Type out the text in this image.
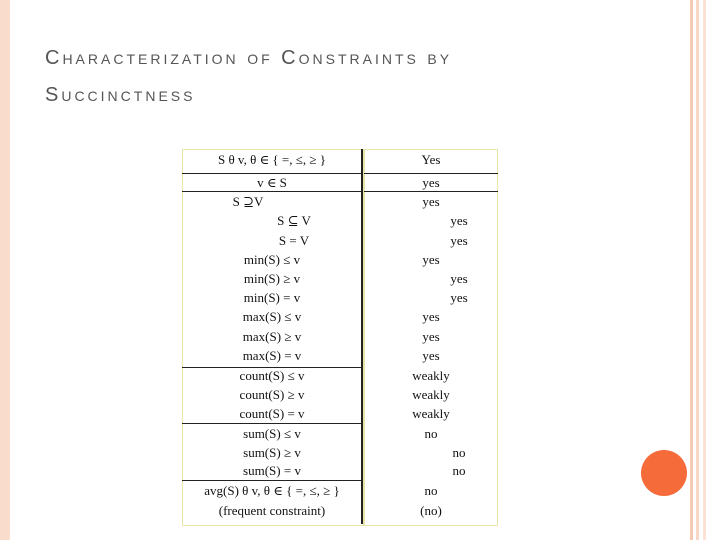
Characterization of Constraints by
Succinctness
S θ v, θ ∈ { =, ≤, ≥ }	Yes
v ∈ S	yes
S ⊇V	yes
S ⊆ V	yes
S = V	yes
min(S) ≤ v	yes
min(S) ≥ v	yes
min(S) = v	yes
max(S) ≤ v	yes
max(S) ≥ v	yes
max(S) = v	yes
count(S) ≤ v	weakly
count(S) ≥ v	weakly
count(S) = v	weakly
sum(S) ≤ v	no
sum(S) ≥ v	no
sum(S) = v	no
avg(S) θ v, θ ∈ { =, ≤, ≥ }	no
(frequent constraint)	(no)
